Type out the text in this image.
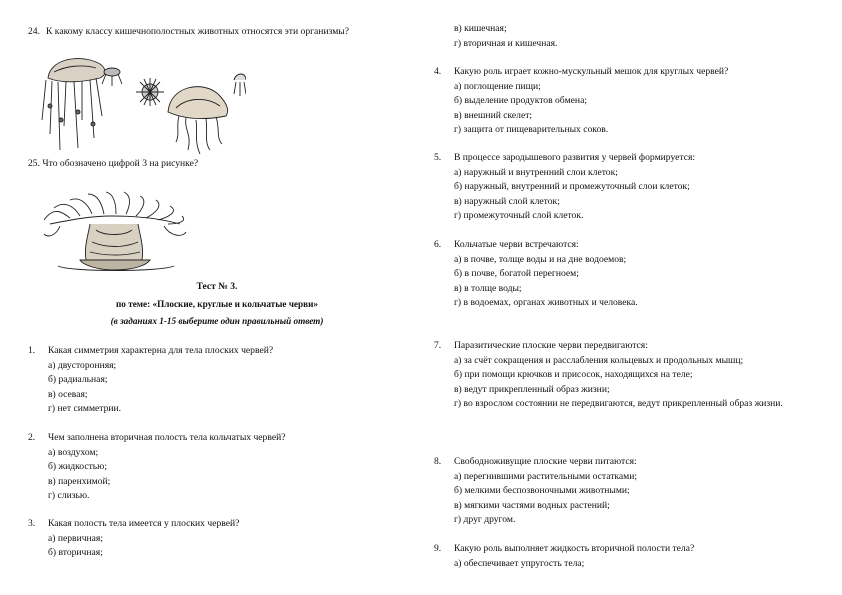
24. К какому классу кишечнополостных животных относятся эти организмы?
25. Что обозначено цифрой 3 на рисунке?
Тест № 3.
по теме: «Плоские, круглые и кольчатые черви»
(в заданиях 1-15 выберите один правильный ответ)
1.	Какая симметрия характерна для тела плоских червей?
а) двусторонняя;
б) радиальная;
в) осевая;
г) нет симметрии.
2.	Чем заполнена вторичная полость тела кольчатых червей?
а) воздухом;
б) жидкостью;
в) паренхимой;
г) слизью.
3.	Какая полость тела имеется у плоских червей?
а) первичная;
б) вторичная;
в) кишечная;
г) вторичная и кишечная.
4.	Какую роль играет кожно-мускульный мешок для круглых червей?
а) поглощение пищи;
б) выделение продуктов обмена;
в) внешний скелет;
г) защита от пищеварительных соков.
5.	В процессе зародышевого развития у червей формируется:
а) наружный и внутренний слои клеток;
б) наружный, внутренний и промежуточный слои клеток;
в) наружный слой клеток;
г) промежуточный слой клеток.
6.	Кольчатые черви встречаются:
а) в почве, толще воды и на дне водоемов;
б) в почве, богатой перегноем;
в) в толще воды;
г) в водоемах, органах животных и человека.
7.	Паразитические плоские черви передвигаются:
а) за счёт сокращения и расслабления кольцевых и продольных мышц;
б) при помощи крючков и присосок, находящихся на теле;
в) ведут прикрепленный образ жизни;
г) во взрослом состоянии не передвигаются, ведут прикрепленный образ жизни.
8.	Свободноживущие плоские черви питаются:
а) перегнившими растительными остатками;
б) мелкими беспозвоночными животными;
в) мягкими частями водных растений;
г) друг другом.
9.	Какую роль выполняет жидкость вторичной полости тела?
а) обеспечивает упругость тела;
